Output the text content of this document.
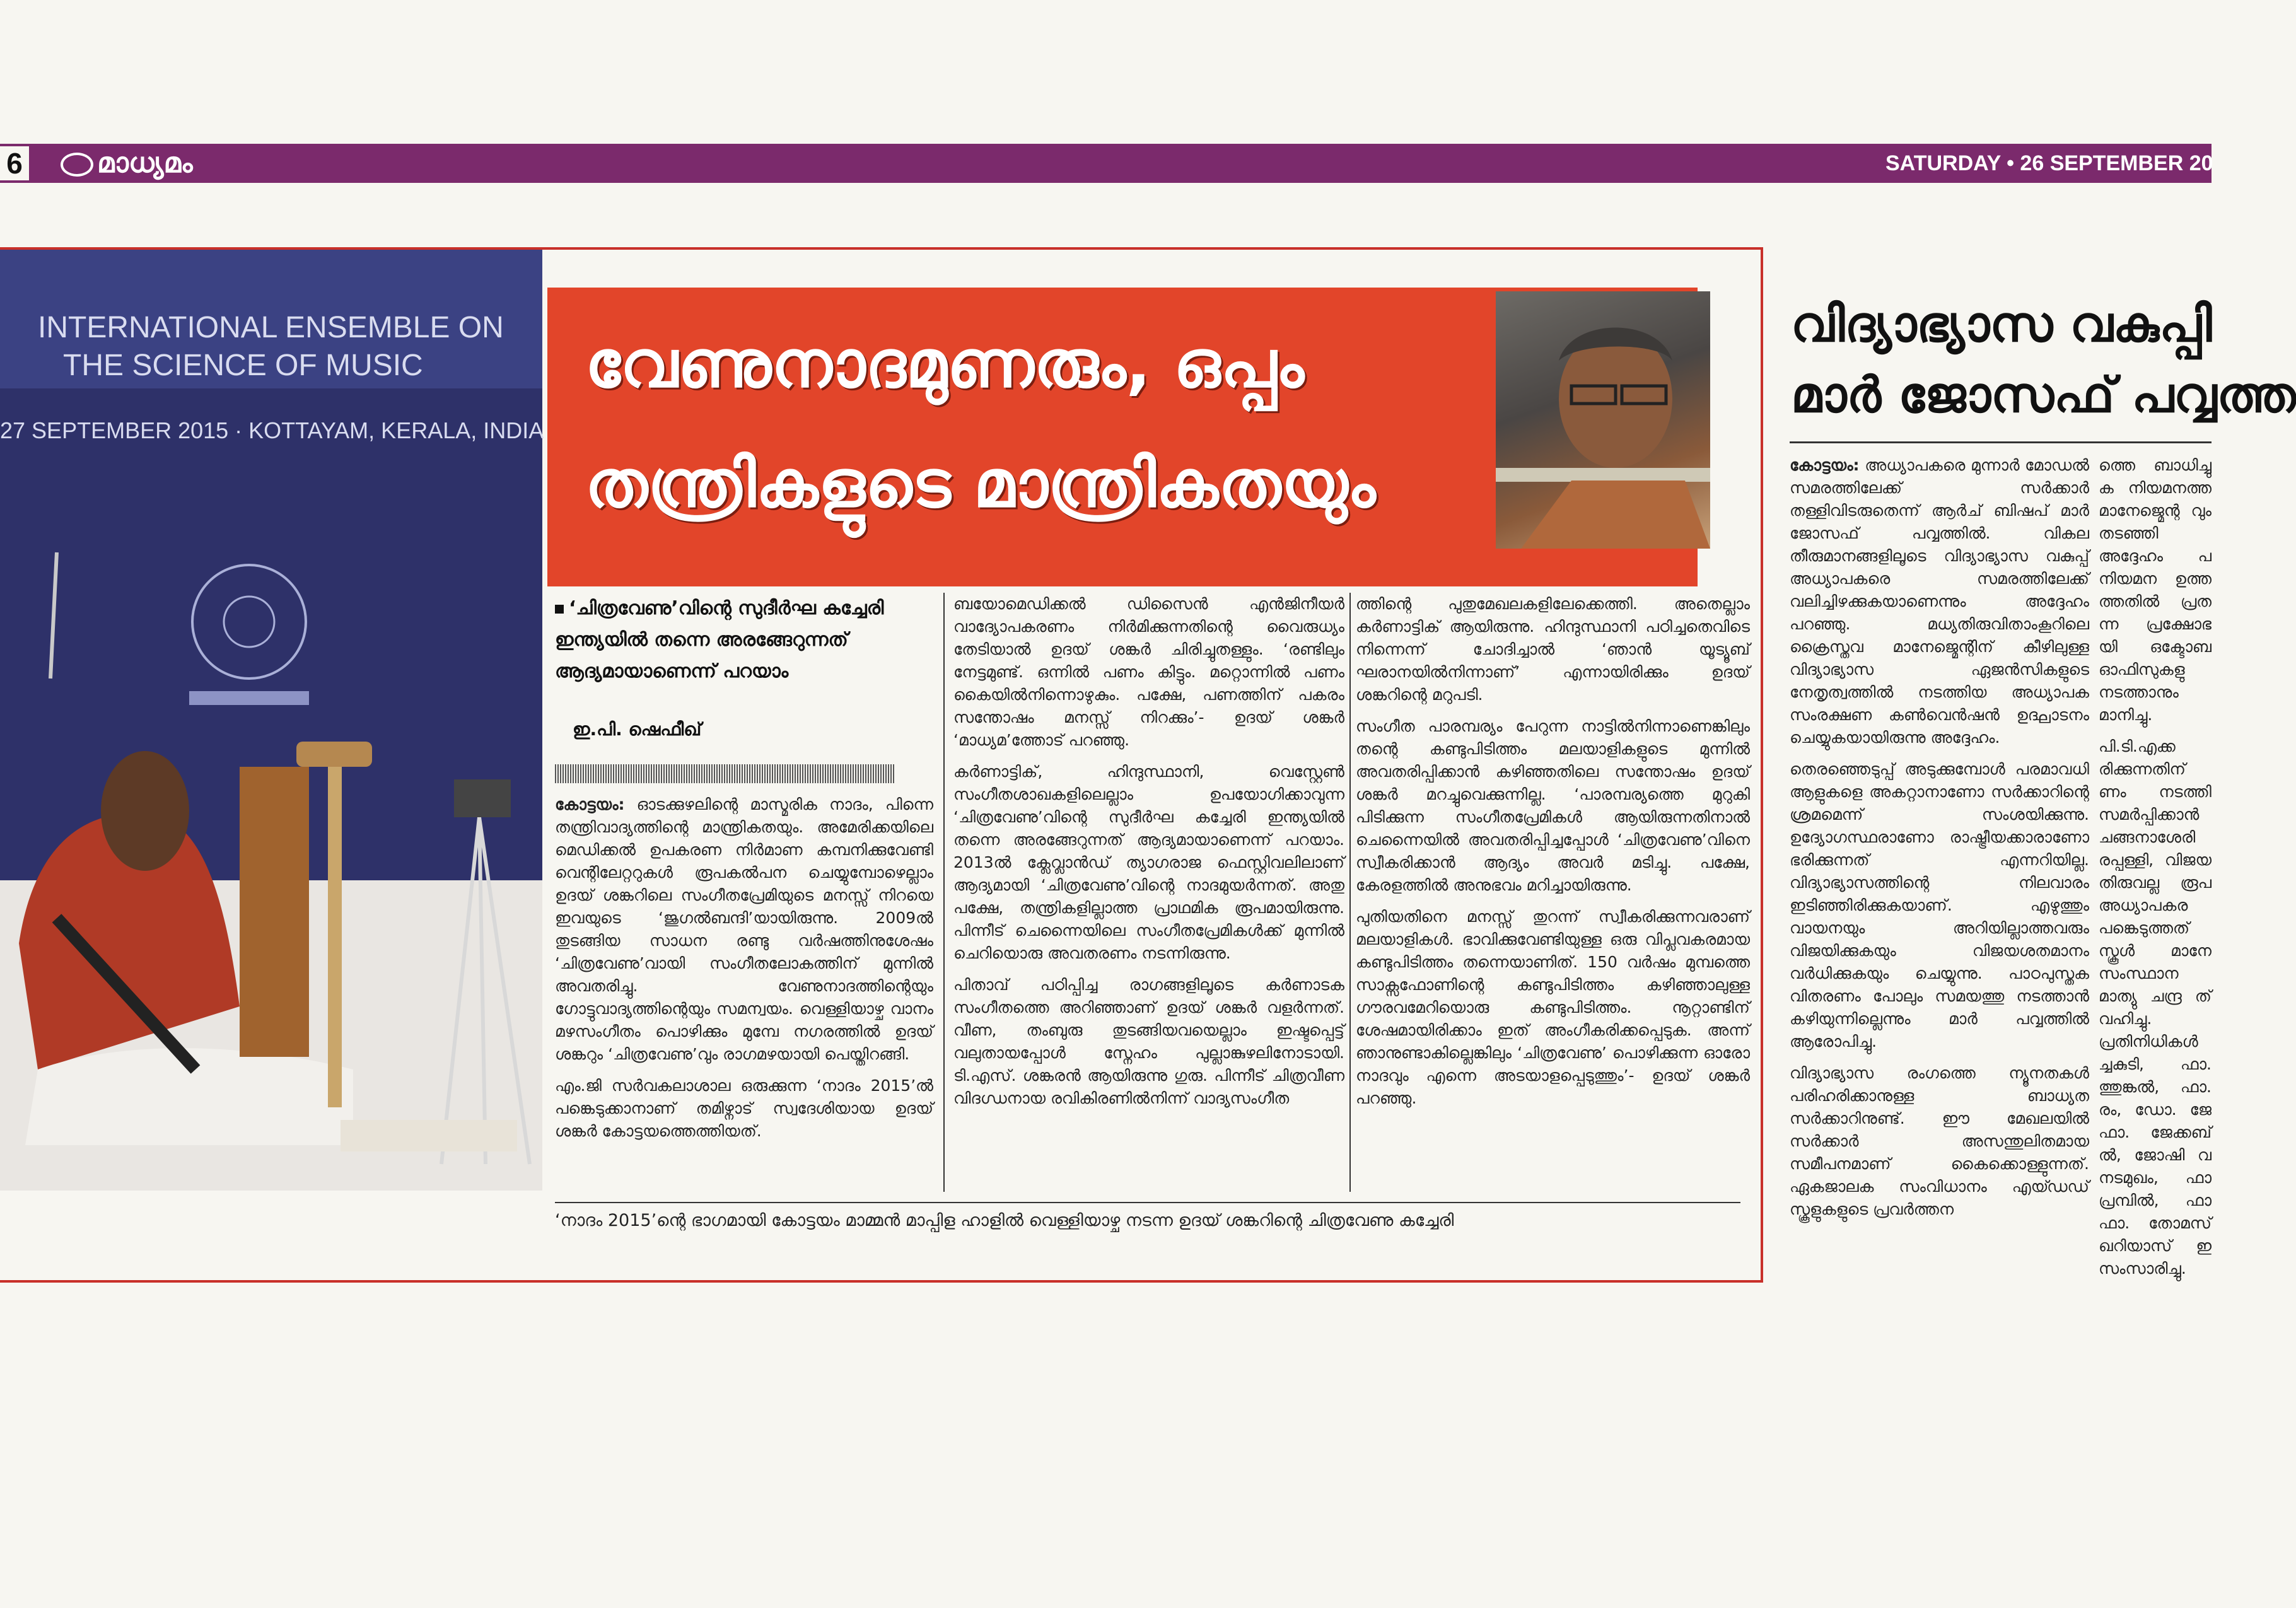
6	മാധ്യമം	SATURDAY • 26 SEPTEMBER 20
INTERNATIONAL ENSEMBLE ON
THE SCIENCE OF MUSIC
27 SEPTEMBER 2015 · KOTTAYAM, KERALA, INDIA
വേണുനാദമുണരും, ഒപ്പം
തന്ത്രികളുടെ മാന്ത്രികതയും
‘ചിത്രവേണു’വിന്റെ സുദീർഘ കച്ചേരി ഇന്ത്യയിൽ തന്നെ അരങ്ങേറുന്നത് ആദ്യമായാണെന്ന് പറയാം
ഇ.പി. ഷെഫീഖ്

കോട്ടയം: ഓടക്കുഴലിന്റെ മാസ്മരിക നാദം, പിന്നെ തന്ത്രിവാദ്യത്തിന്റെ മാന്ത്രികതയും. അമേരിക്കയിലെ മെഡിക്കൽ ഉപകരണ നിർമാണ കമ്പനിക്കുവേണ്ടി വെന്റിലേറ്ററുകൾ രൂപകൽപന ചെയ്യുമ്പോഴെല്ലാം ഉദയ് ശങ്കറിലെ സംഗീതപ്രേമിയുടെ മനസ്സ് നിറയെ ഇവയുടെ ‘ജുഗൽബന്ദി’യായിരുന്നു. 2009ൽ തുടങ്ങിയ സാധന രണ്ടു വർഷത്തിനുശേഷം ‘ചിത്രവേണു’വായി സംഗീതലോകത്തിന് മുന്നിൽ അവതരിച്ചു. വേണുനാദത്തിന്റെയും ഗോട്ടുവാദ്യത്തിന്റെയും സമന്വയം. വെള്ളിയാഴ്ച വാനം മഴസംഗീതം പൊഴിക്കും മുമ്പേ നഗരത്തിൽ ഉദയ് ശങ്കറും ‘ചിത്രവേണു’വും രാഗമഴയായി പെയ്തിറങ്ങി.

എം.ജി സർവകലാശാല ഒരുക്കുന്ന ‘നാദം 2015’ൽ പങ്കെടുക്കാനാണ് തമിഴ്നാട് സ്വദേശിയായ ഉദയ് ശങ്കർ കോട്ടയത്തെത്തിയത്.

ബയോമെഡിക്കൽ ഡിസൈൻ എൻജിനീയർ വാദ്യോപകരണം നിർമിക്കുന്നതിന്റെ വൈരുധ്യം തേടിയാൽ ഉദയ് ശങ്കർ ചിരിച്ചുതള്ളും. ‘രണ്ടിലും നേട്ടമുണ്ട്. ഒന്നിൽ പണം കിട്ടും. മറ്റൊന്നിൽ പണം കൈയിൽനിന്നൊഴുകും. പക്ഷേ, പണത്തിന് പകരം സന്തോഷം മനസ്സ് നിറക്കും’- ഉദയ് ശങ്കർ ‘മാധ്യമ’ത്തോട് പറഞ്ഞു.

കർണാട്ടിക്, ഹിന്ദുസ്ഥാനി, വെസ്റ്റേൺ സംഗീതശാഖകളിലെല്ലാം ഉപയോഗിക്കാവുന്ന ‘ചിത്രവേണു’വിന്റെ സുദീർഘ കച്ചേരി ഇന്ത്യയിൽ തന്നെ അരങ്ങേറുന്നത് ആദ്യമായാണെന്ന് പറയാം. 2013ൽ ക്ലേവ്ലാൻഡ് ത്യാഗരാജ ഫെസ്റ്റിവലിലാണ് ആദ്യമായി ‘ചിത്രവേണു’വിന്റെ നാദമുയർന്നത്. അതു പക്ഷേ, തന്ത്രികളില്ലാത്ത പ്രാഥമിക രൂപമായിരുന്നു. പിന്നീട് ചെന്നൈയിലെ സംഗീതപ്രേമികൾക്ക് മുന്നിൽ ചെറിയൊരു അവതരണം നടന്നിരുന്നു.

പിതാവ് പഠിപ്പിച്ച രാഗങ്ങളിലൂടെ കർണാടക സംഗീതത്തെ അറിഞ്ഞാണ് ഉദയ് ശങ്കർ വളർന്നത്. വീണ, തംബുരു തുടങ്ങിയവയെല്ലാം ഇഷ്ടപ്പെട്ട് വലുതായപ്പോൾ സ്നേഹം പുല്ലാങ്കുഴലിനോടായി. ടി.എസ്. ശങ്കരൻ ആയിരുന്നു ഗുരു. പിന്നീട് ചിത്രവീണ വിദഗ്ധനായ രവികിരണിൽനിന്ന് വാദ്യസംഗീത

ത്തിന്റെ പുതുമേഖലകളിലേക്കെത്തി. അതെല്ലാം കർണാട്ടിക് ആയിരുന്നു. ഹിന്ദുസ്ഥാനി പഠിച്ചതെവിടെ നിന്നെന്ന് ചോദിച്ചാൽ ‘ഞാൻ യൂട്യൂബ് ഘരാനയിൽനിന്നാണ്’ എന്നായിരിക്കും ഉദയ് ശങ്കറിന്റെ മറുപടി.

സംഗീത പാരമ്പര്യം പേറുന്ന നാട്ടിൽനിന്നാണെങ്കിലും തന്റെ കണ്ടുപിടിത്തം മലയാളികളുടെ മുന്നിൽ അവതരിപ്പിക്കാൻ കഴിഞ്ഞതിലെ സന്തോഷം ഉദയ് ശങ്കർ മറച്ചുവെക്കുന്നില്ല. ‘പാരമ്പര്യത്തെ മുറുകി പിടിക്കുന്ന സംഗീതപ്രേമികൾ ആയിരുന്നതിനാൽ ചെന്നൈയിൽ അവതരിപ്പിച്ചപ്പോൾ ‘ചിത്രവേണു’വിനെ സ്വീകരിക്കാൻ ആദ്യം അവർ മടിച്ചു. പക്ഷേ, കേരളത്തിൽ അനുഭവം മറിച്ചായിരുന്നു.

പുതിയതിനെ മനസ്സ് തുറന്ന് സ്വീകരിക്കുന്നവരാണ് മലയാളികൾ. ഭാവിക്കുവേണ്ടിയുള്ള ഒരു വിപ്ലവകരമായ കണ്ടുപിടിത്തം തന്നെയാണിത്. 150 വർഷം മുമ്പത്തെ സാക്സഫോണിന്റെ കണ്ടുപിടിത്തം കഴിഞ്ഞാലുള്ള ഗൗരവമേറിയൊരു കണ്ടുപിടിത്തം. നൂറ്റാണ്ടിന് ശേഷമായിരിക്കാം ഇത് അംഗീകരിക്കപ്പെടുക. അന്ന് ഞാനുണ്ടാകില്ലെങ്കിലും ‘ചിത്രവേണു’ പൊഴിക്കുന്ന ഓരോ നാദവും എന്നെ അടയാളപ്പെടുത്തും’- ഉദയ് ശങ്കർ പറഞ്ഞു.

‘നാദം 2015’ന്റെ ഭാഗമായി കോട്ടയം മാമ്മൻ മാപ്പിള ഹാളിൽ വെള്ളിയാഴ്ച നടന്ന ഉദയ് ശങ്കറിന്റെ ചിത്രവേണു കച്ചേരി
വിദ്യാഭ്യാസ വകുപ്പി
മാർ ജോസഫ് പവ്വത്ത

കോട്ടയം: അധ്യാപകരെ മുന്നാർ മോഡൽ സമരത്തിലേക്ക് സർക്കാർ തള്ളിവിടരുതെന്ന് ആർച് ബിഷപ് മാർ ജോസഫ് പവ്വത്തിൽ. വികല തീരുമാനങ്ങളിലൂടെ വിദ്യാഭ്യാസ വകുപ്പ് അധ്യാപകരെ സമരത്തിലേക്ക് വലിച്ചിഴക്കുകയാണെന്നും അദ്ദേഹം പറഞ്ഞു. മധ്യതിരുവിതാംകൂറിലെ ക്രൈസ്തവ മാനേജ്മെന്റിന് കീഴിലുള്ള വിദ്യാഭ്യാസ ഏജൻസികളുടെ നേതൃത്വത്തിൽ നടത്തിയ അധ്യാപക സംരക്ഷണ കൺവെൻഷൻ ഉദ്ഘാടനം ചെയ്യുകയായിരുന്നു അദ്ദേഹം.

തെരഞ്ഞെടുപ്പ് അടുക്കുമ്പോൾ പരമാവധി ആളുകളെ അകറ്റാനാണോ സർക്കാറിന്റെ ശ്രമമെന്ന് സംശയിക്കുന്നു. ഉദ്യോഗസ്ഥരാണോ രാഷ്ട്രീയക്കാരാണോ ഭരിക്കുന്നത് എന്നറിയില്ല. വിദ്യാഭ്യാസത്തിന്റെ നിലവാരം ഇടിഞ്ഞിരിക്കുകയാണ്. എഴുത്തും വായനയും അറിയില്ലാത്തവരും വിജയിക്കുകയും വിജയശതമാനം വർധിക്കുകയും ചെയ്യുന്നു. പാഠപുസ്തക വിതരണം പോലും സമയത്തു നടത്താൻ കഴിയുന്നില്ലെന്നും മാർ പവ്വത്തിൽ ആരോപിച്ചു.

വിദ്യാഭ്യാസ രംഗത്തെ ന്യൂനതകൾ പരിഹരിക്കാനുള്ള ബാധ്യത സർക്കാറിനുണ്ട്. ഈ മേഖലയിൽ സർക്കാർ അസന്തുലിതമായ സമീപനമാണ് കൈക്കൊള്ളുന്നത്. ഏകജാലക സംവിധാനം എയ്ഡഡ് സ്കൂളുകളുടെ പ്രവർത്തന

ത്തെ ബാധിച്ചു ക നിയമനത്ത മാനേജ്മെന്റ വും തടഞ്ഞി അദ്ദേഹം പ നിയമന ഉത്ത ത്തതിൽ പ്രത ന്ന പ്രക്ഷോഭ യി ഒക്ടോബ ഓഫിസുകളു നടത്താനും മാനിച്ചു.

പി.ടി.എക്ക രിക്കുന്നതിന് ണം നടത്തി സമർപ്പിക്കാൻ ചങ്ങനാശേരി രപ്പള്ളി, വിജയ തിരുവല്ല രൂപ അധ്യാപകര പങ്കെടുത്തത് സ്കൂൾ മാനേ സംസ്ഥാന മാത്യു ചന്ദ്ര ത് വഹിച്ചു. പ്രതിനിധികൾ ച്ചകുടി, ഫാ. ത്തുങ്കൽ, ഫാ. രം, ഡോ. ജേ ഫാ. ജേക്കബ് ൽ, ജോഷി വ നടമുഖം, ഫാ പ്രമ്പിൽ, ഫാ ഫാ. തോമസ് ഖറിയാസ് ഇ സംസാരിച്ചു.
